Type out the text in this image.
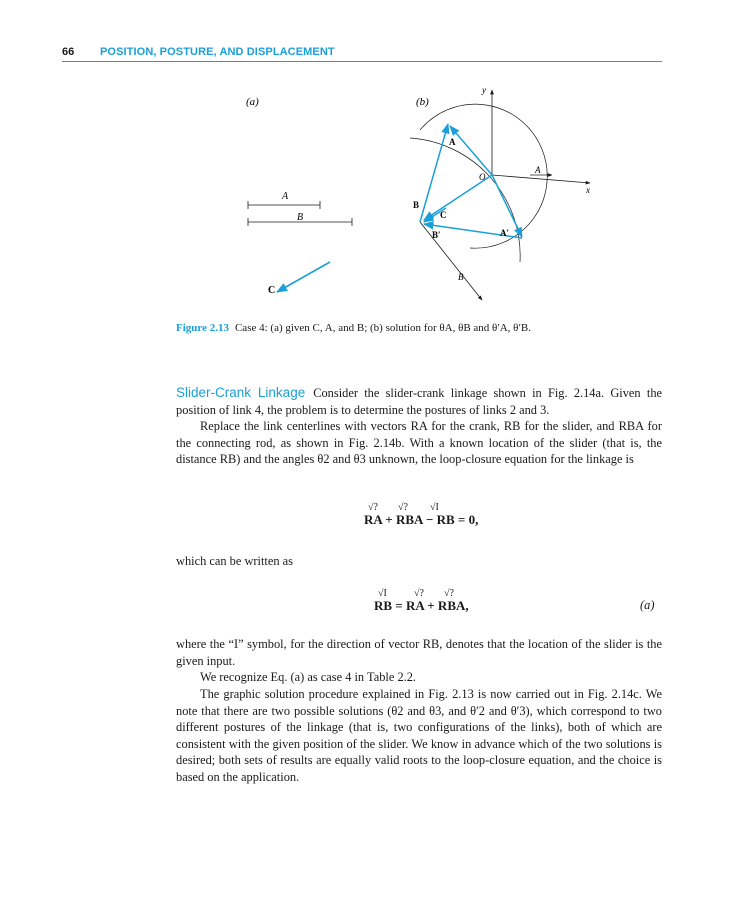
66 POSITION, POSTURE, AND DISPLACEMENT
(a)
A
B
C
(b)
y
x
A
B
A
O
B
C
B′	A′
Figure 2.13 Case 4: (a) given C, A, and B; (b) solution for θA, θB and θ′A, θ′B.
Slider-Crank Linkage Consider the slider-crank linkage shown in Fig. 2.14a. Given the position of link 4, the problem is to determine the postures of links 2 and 3.
Replace the link centerlines with vectors RA for the crank, RB for the slider, and RBA for the connecting rod, as shown in Fig. 2.14b. With a known location of the slider (that is, the distance RB) and the angles θ2 and θ3 unknown, the loop-closure equation for the linkage is
√? √? √I
RA + RBA − RB = 0,
which can be written as
√I	√? √?
RB = RA + RBA,	(a)
where the “I” symbol, for the direction of vector RB, denotes that the location of the slider is the given input.
We recognize Eq. (a) as case 4 in Table 2.2.
The graphic solution procedure explained in Fig. 2.13 is now carried out in Fig. 2.14c. We note that there are two possible solutions (θ2 and θ3, and θ′2 and θ′3), which correspond to two different postures of the linkage (that is, two configurations of the links), both of which are consistent with the given position of the slider. We know in advance which of the two solutions is desired; both sets of results are equally valid roots to the loop-closure equation, and the choice is based on the application.
